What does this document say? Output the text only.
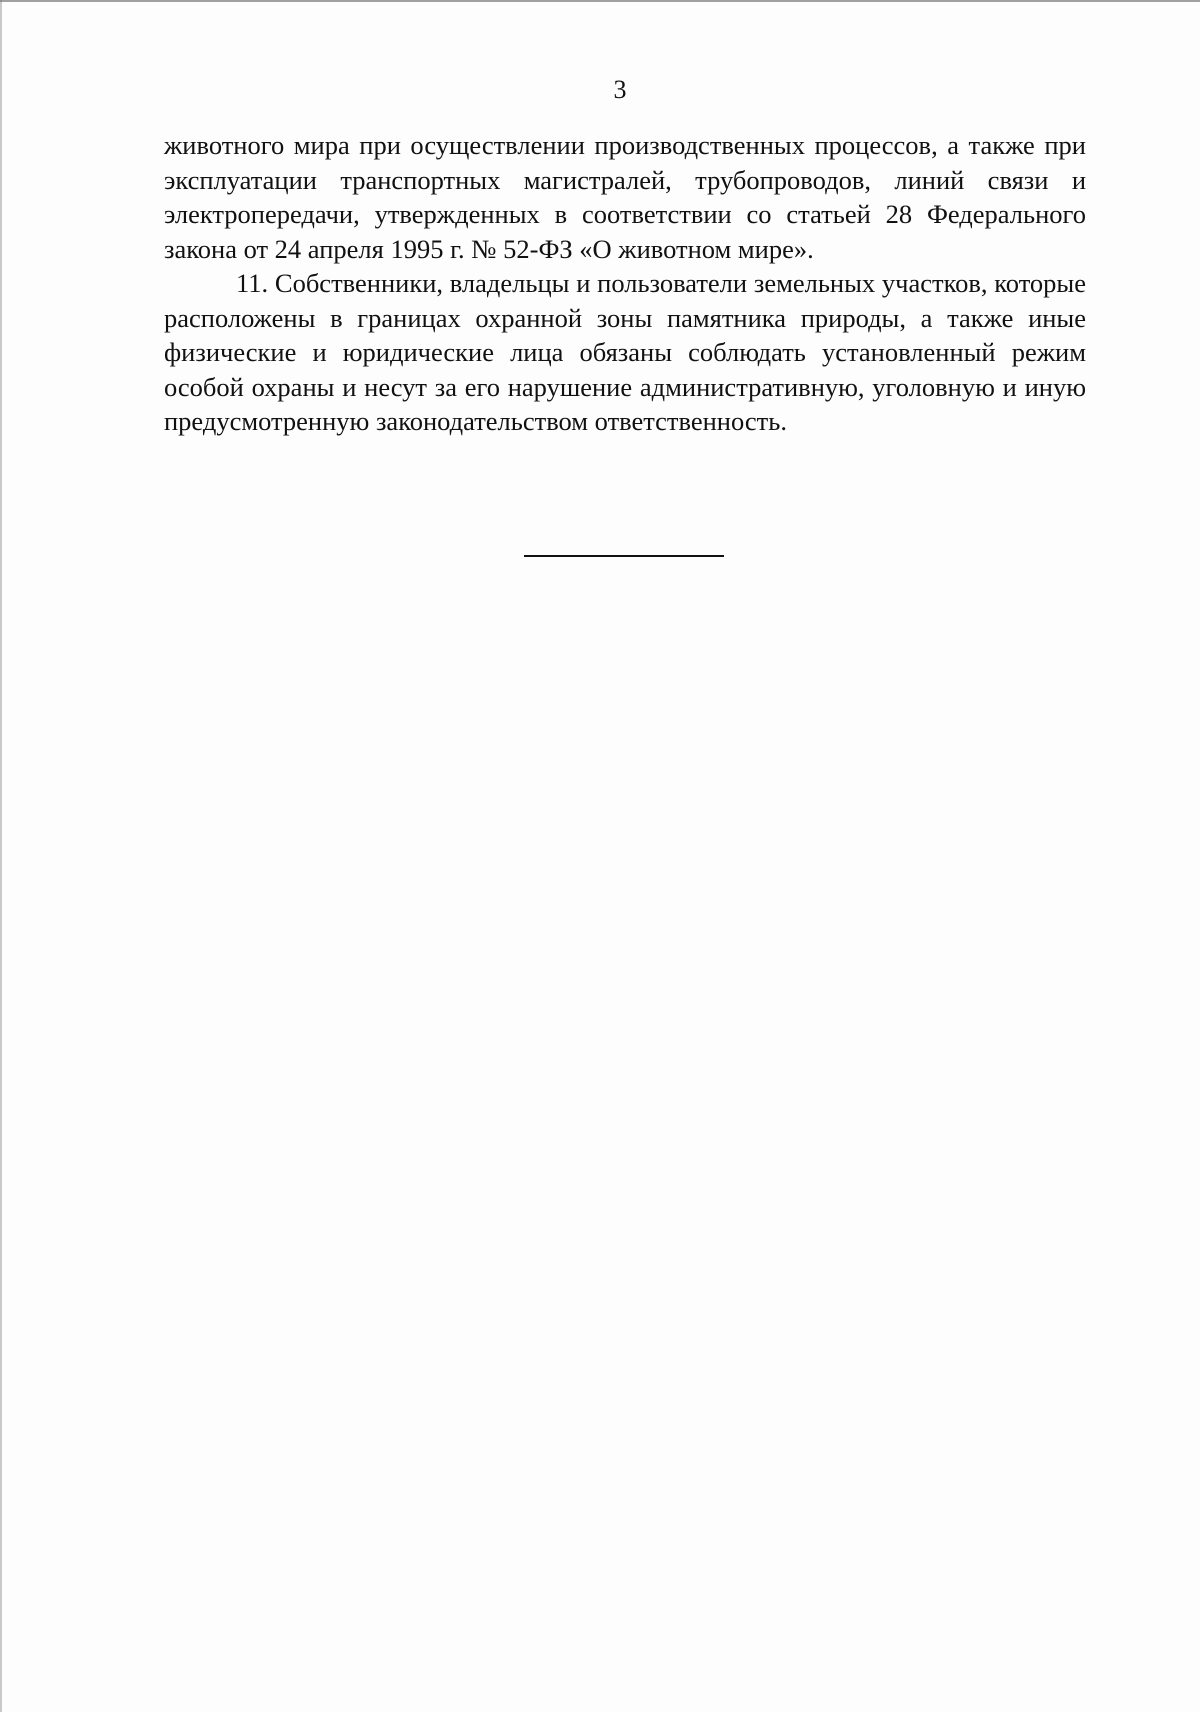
3

животного мира при осуществлении производственных процессов, а также при эксплуатации транспортных магистралей, трубопроводов, линий связи и электропередачи, утвержденных в соответствии со статьей 28 Федерального закона от 24 апреля 1995 г. № 52-ФЗ «О животном мире».

11. Собственники, владельцы и пользователи земельных участков, которые расположены в границах охранной зоны памятника природы, а также иные физические и юридические лица обязаны соблюдать установленный режим особой охраны и несут за его нарушение административную, уголовную и иную предусмотренную законодательством ответственность.
